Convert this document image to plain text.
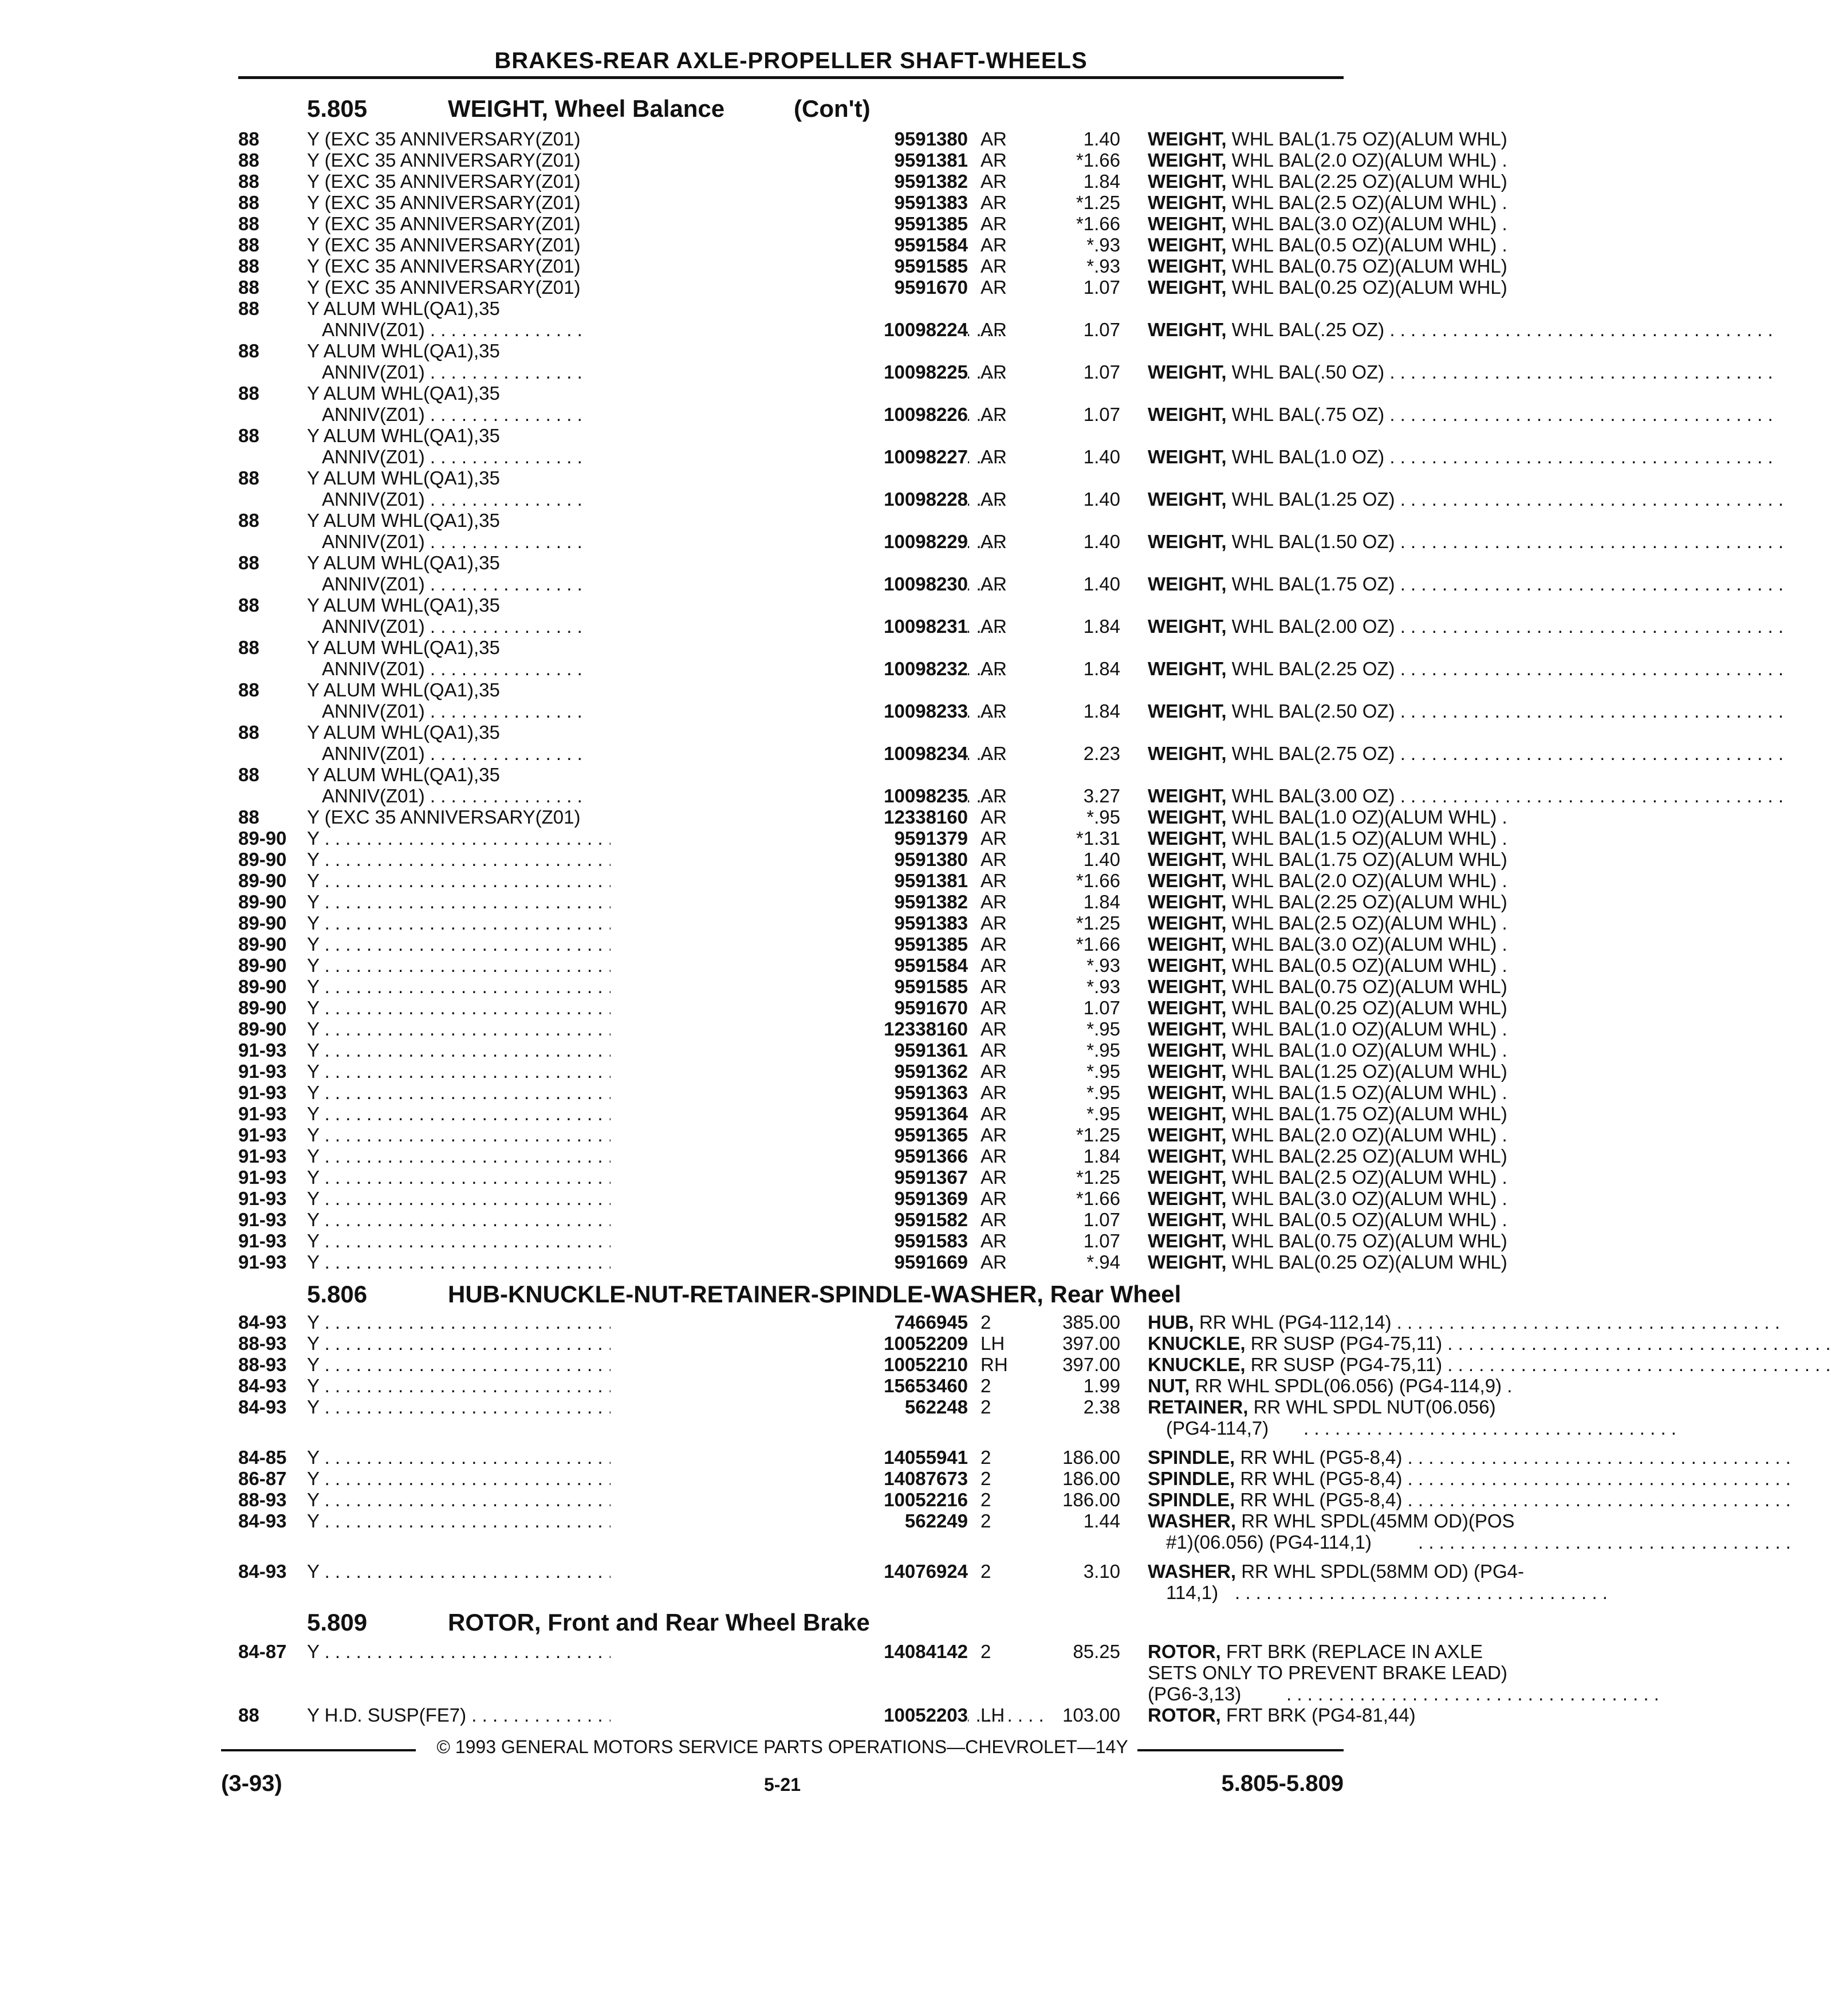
BRAKES-REAR AXLE-PROPELLER SHAFT-WHEELS
5.805	WEIGHT, Wheel Balance	(Con't)
88	Y (EXC 35 ANNIVERSARY(Z01)	9591380 AR	1.40 WEIGHT, WHL BAL(1.75 OZ)(ALUM WHL)
88	Y (EXC 35 ANNIVERSARY(Z01)	9591381 AR	*1.66 WEIGHT, WHL BAL(2.0 OZ)(ALUM WHL) .
88	Y (EXC 35 ANNIVERSARY(Z01)	9591382 AR	1.84 WEIGHT, WHL BAL(2.25 OZ)(ALUM WHL)
88	Y (EXC 35 ANNIVERSARY(Z01)	9591383 AR	*1.25 WEIGHT, WHL BAL(2.5 OZ)(ALUM WHL) .
88	Y (EXC 35 ANNIVERSARY(Z01)	9591385 AR	*1.66 WEIGHT, WHL BAL(3.0 OZ)(ALUM WHL) .
88	Y (EXC 35 ANNIVERSARY(Z01)	9591584 AR	*.93 WEIGHT, WHL BAL(0.5 OZ)(ALUM WHL) .
88	Y (EXC 35 ANNIVERSARY(Z01)	9591585 AR	*.93 WEIGHT, WHL BAL(0.75 OZ)(ALUM WHL)
88	Y (EXC 35 ANNIVERSARY(Z01)	9591670 AR	1.07 WEIGHT, WHL BAL(0.25 OZ)(ALUM WHL)
88	Y ALUM WHL(QA1),35
ANNIV(Z01) . . .	10098224 AR	1.07 WEIGHT, WHL BAL(.25 OZ) . . .
88	Y ALUM WHL(QA1),35
ANNIV(Z01) . . .	10098225 AR	1.07 WEIGHT, WHL BAL(.50 OZ) . . .
88	Y ALUM WHL(QA1),35
ANNIV(Z01) . . .	10098226 AR	1.07 WEIGHT, WHL BAL(.75 OZ) . . .
88	Y ALUM WHL(QA1),35
ANNIV(Z01) . . .	10098227 AR	1.40 WEIGHT, WHL BAL(1.0 OZ) . . .
88	Y ALUM WHL(QA1),35
ANNIV(Z01) . . .	10098228 AR	1.40 WEIGHT, WHL BAL(1.25 OZ) . . .
88	Y ALUM WHL(QA1),35
ANNIV(Z01) . . .	10098229 AR	1.40 WEIGHT, WHL BAL(1.50 OZ) . . .
88	Y ALUM WHL(QA1),35
ANNIV(Z01) . . .	10098230 AR	1.40 WEIGHT, WHL BAL(1.75 OZ) . . .
88	Y ALUM WHL(QA1),35
ANNIV(Z01) . . .	10098231 AR	1.84 WEIGHT, WHL BAL(2.00 OZ) . . .
88	Y ALUM WHL(QA1),35
ANNIV(Z01) . . .	10098232 AR	1.84 WEIGHT, WHL BAL(2.25 OZ) . . .
88	Y ALUM WHL(QA1),35
ANNIV(Z01) . . .	10098233 AR	1.84 WEIGHT, WHL BAL(2.50 OZ) . . .
88	Y ALUM WHL(QA1),35
ANNIV(Z01) . . .	10098234 AR	2.23 WEIGHT, WHL BAL(2.75 OZ) . . .
88	Y ALUM WHL(QA1),35
ANNIV(Z01) . . .	10098235 AR	3.27 WEIGHT, WHL BAL(3.00 OZ) . . .
88	Y (EXC 35 ANNIVERSARY(Z01)	12338160 AR	*.95 WEIGHT, WHL BAL(1.0 OZ)(ALUM WHL) .
89-90 Y . . .	9591379 AR	*1.31 WEIGHT, WHL BAL(1.5 OZ)(ALUM WHL) .
89-90 Y . . .	9591380 AR	1.40 WEIGHT, WHL BAL(1.75 OZ)(ALUM WHL)
89-90 Y . . .	9591381 AR	*1.66 WEIGHT, WHL BAL(2.0 OZ)(ALUM WHL) .
89-90 Y . . .	9591382 AR	1.84 WEIGHT, WHL BAL(2.25 OZ)(ALUM WHL)
89-90 Y . . .	9591383 AR	*1.25 WEIGHT, WHL BAL(2.5 OZ)(ALUM WHL) .
89-90 Y . . .	9591385 AR	*1.66 WEIGHT, WHL BAL(3.0 OZ)(ALUM WHL) .
89-90 Y . . .	9591584 AR	*.93 WEIGHT, WHL BAL(0.5 OZ)(ALUM WHL) .
89-90 Y . . .	9591585 AR	*.93 WEIGHT, WHL BAL(0.75 OZ)(ALUM WHL)
89-90 Y . . .	9591670 AR	1.07 WEIGHT, WHL BAL(0.25 OZ)(ALUM WHL)
89-90 Y . . .	12338160 AR	*.95 WEIGHT, WHL BAL(1.0 OZ)(ALUM WHL) .
91-93 Y . . .	9591361 AR	*.95 WEIGHT, WHL BAL(1.0 OZ)(ALUM WHL) .
91-93 Y . . .	9591362 AR	*.95 WEIGHT, WHL BAL(1.25 OZ)(ALUM WHL)
91-93 Y . . .	9591363 AR	*.95 WEIGHT, WHL BAL(1.5 OZ)(ALUM WHL) .
91-93 Y . . .	9591364 AR	*.95 WEIGHT, WHL BAL(1.75 OZ)(ALUM WHL)
91-93 Y . . .	9591365 AR	*1.25 WEIGHT, WHL BAL(2.0 OZ)(ALUM WHL) .
91-93 Y . . .	9591366 AR	1.84 WEIGHT, WHL BAL(2.25 OZ)(ALUM WHL)
91-93 Y . . .	9591367 AR	*1.25 WEIGHT, WHL BAL(2.5 OZ)(ALUM WHL) .
91-93 Y . . .	9591369 AR	*1.66 WEIGHT, WHL BAL(3.0 OZ)(ALUM WHL) .
91-93 Y . . .	9591582 AR	1.07 WEIGHT, WHL BAL(0.5 OZ)(ALUM WHL) .
91-93 Y . . .	9591583 AR	1.07 WEIGHT, WHL BAL(0.75 OZ)(ALUM WHL)
91-93 Y . . .	9591669 AR	*.94 WEIGHT, WHL BAL(0.25 OZ)(ALUM WHL)
5.806	HUB-KNUCKLE-NUT-RETAINER-SPINDLE-WASHER, Rear Wheel
84-93 Y . . .	7466945 2	385.00 HUB, RR WHL (PG4-112,14) . . .
88-93 Y . . .	10052209 LH	397.00 KNUCKLE, RR SUSP (PG4-75,11) . . .
88-93 Y . . .	10052210 RH	397.00 KNUCKLE, RR SUSP (PG4-75,11) . . .
84-93 Y . . .	15653460 2	1.99 NUT, RR WHL SPDL(06.056) (PG4-114,9) .
84-93 Y . . .	562248 2	2.38 RETAINER, RR WHL SPDL NUT(06.056)
(PG4-114,7) . . . . . . . . . . . . . . . . . . . . . . . . . . . . . . . . . . . .
84-85 Y . . .	14055941 2	186.00 SPINDLE, RR WHL (PG5-8,4) . . .
86-87 Y . . .	14087673 2	186.00 SPINDLE, RR WHL (PG5-8,4) . . .
88-93 Y . . .	10052216 2	186.00 SPINDLE, RR WHL (PG5-8,4) . . .
84-93 Y . . .	562249 2	1.44 WASHER, RR WHL SPDL(45MM OD)(POS
#1)(06.056) (PG4-114,1) . . . . . . . . . . . . . . . . . . . . . . . . . . . . . . . . . . . .
84-93 Y . . .	14076924 2	3.10 WASHER, RR WHL SPDL(58MM OD) (PG4-
114,1) . . . . . . . . . . . . . . . . . . . . . . . . . . . . . . . . . . . .
5.809	ROTOR, Front and Rear Wheel Brake
84-87 Y . . .	14084142 2	85.25 ROTOR, FRT BRK (REPLACE IN AXLE
SETS ONLY TO PREVENT BRAKE LEAD)
(PG6-3,13) . . . . . . . . . . . . . . . . . . . . . . . . . . . . . . . . . . . .
88	Y H.D. SUSP(FE7) . . .	10052203 LH	103.00 ROTOR, FRT BRK (PG4-81,44)
© 1993 GENERAL MOTORS SERVICE PARTS OPERATIONS—CHEVROLET—14Y
(3-93)	5-21	5.805-5.809
